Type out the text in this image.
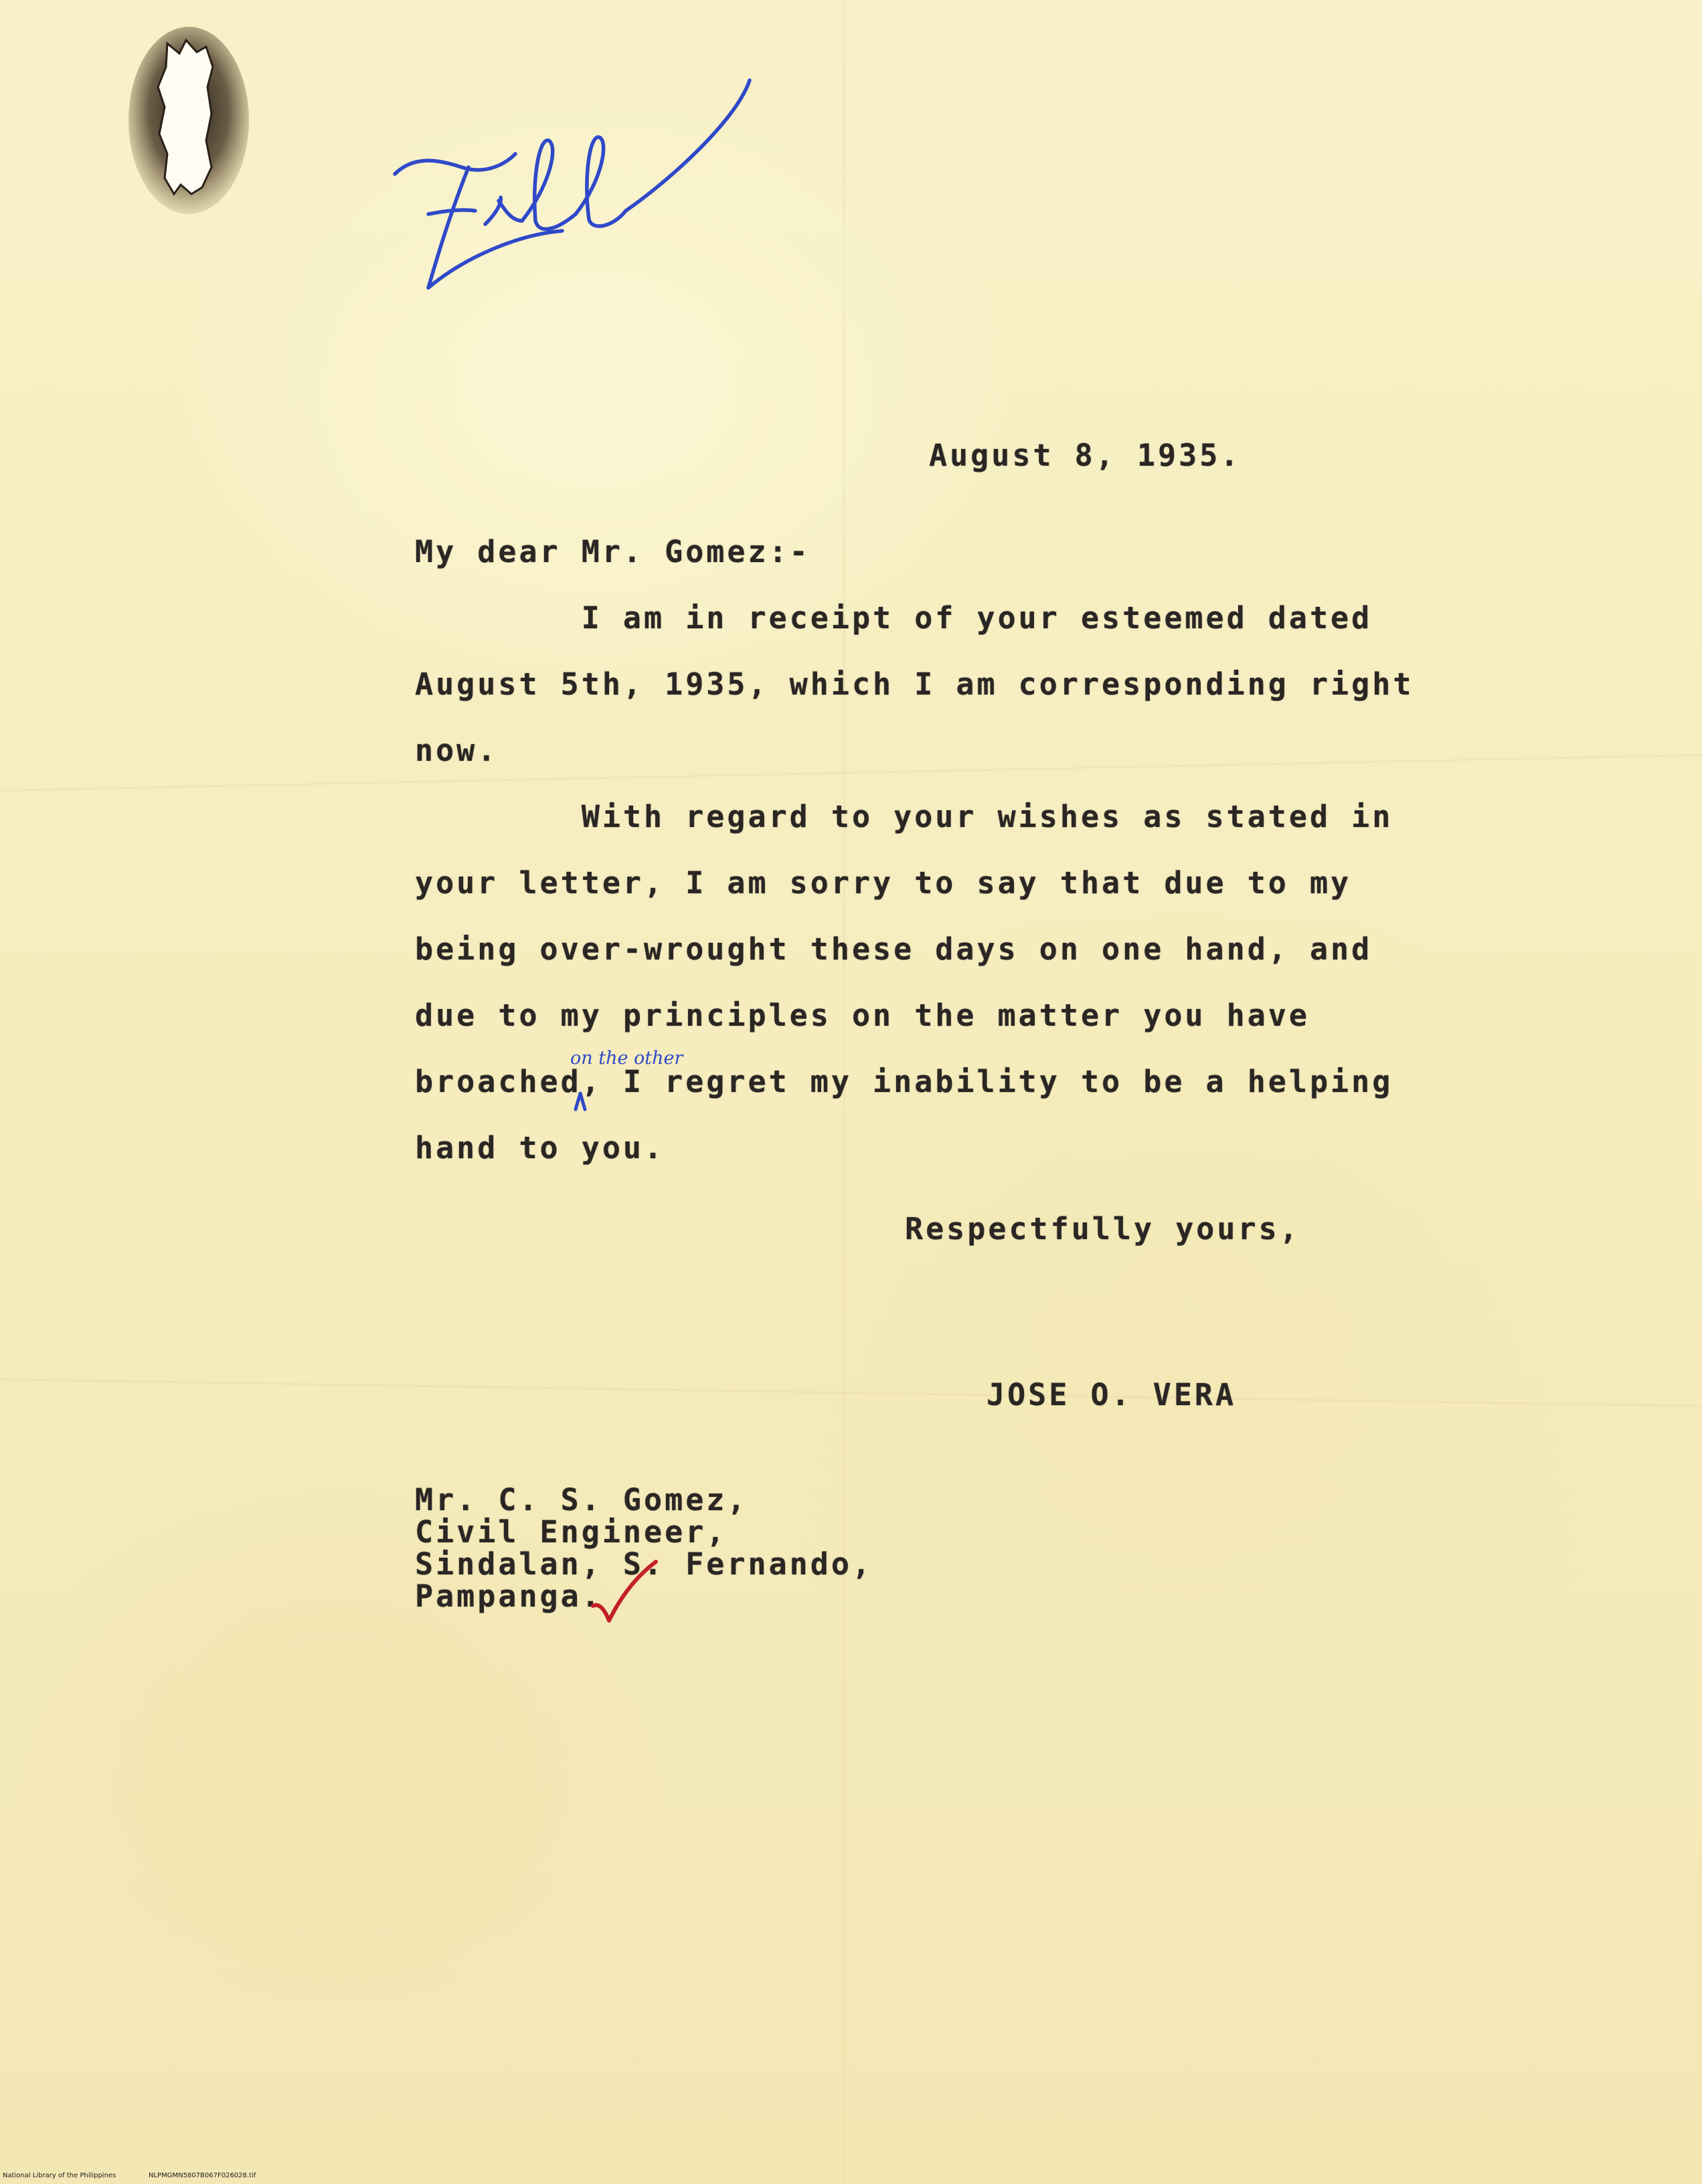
August 8, 1935.
My dear Mr. Gomez:-
I am in receipt of your esteemed dated
August 5th, 1935, which I am corresponding right
now.
With regard to your wishes as stated in
your letter, I am sorry to say that due to my
being over-wrought these days on one hand, and
due to my principles on the matter you have
broached, I regret my inability to be a helping
hand to you.
on the other
Respectfully yours,
JOSE O. VERA
Mr. C. S. Gomez,
Civil Engineer,
Sindalan, S. Fernando,
Pampanga.
National Library of the Philippines	NLPMGMN5807B067F026028.tif
